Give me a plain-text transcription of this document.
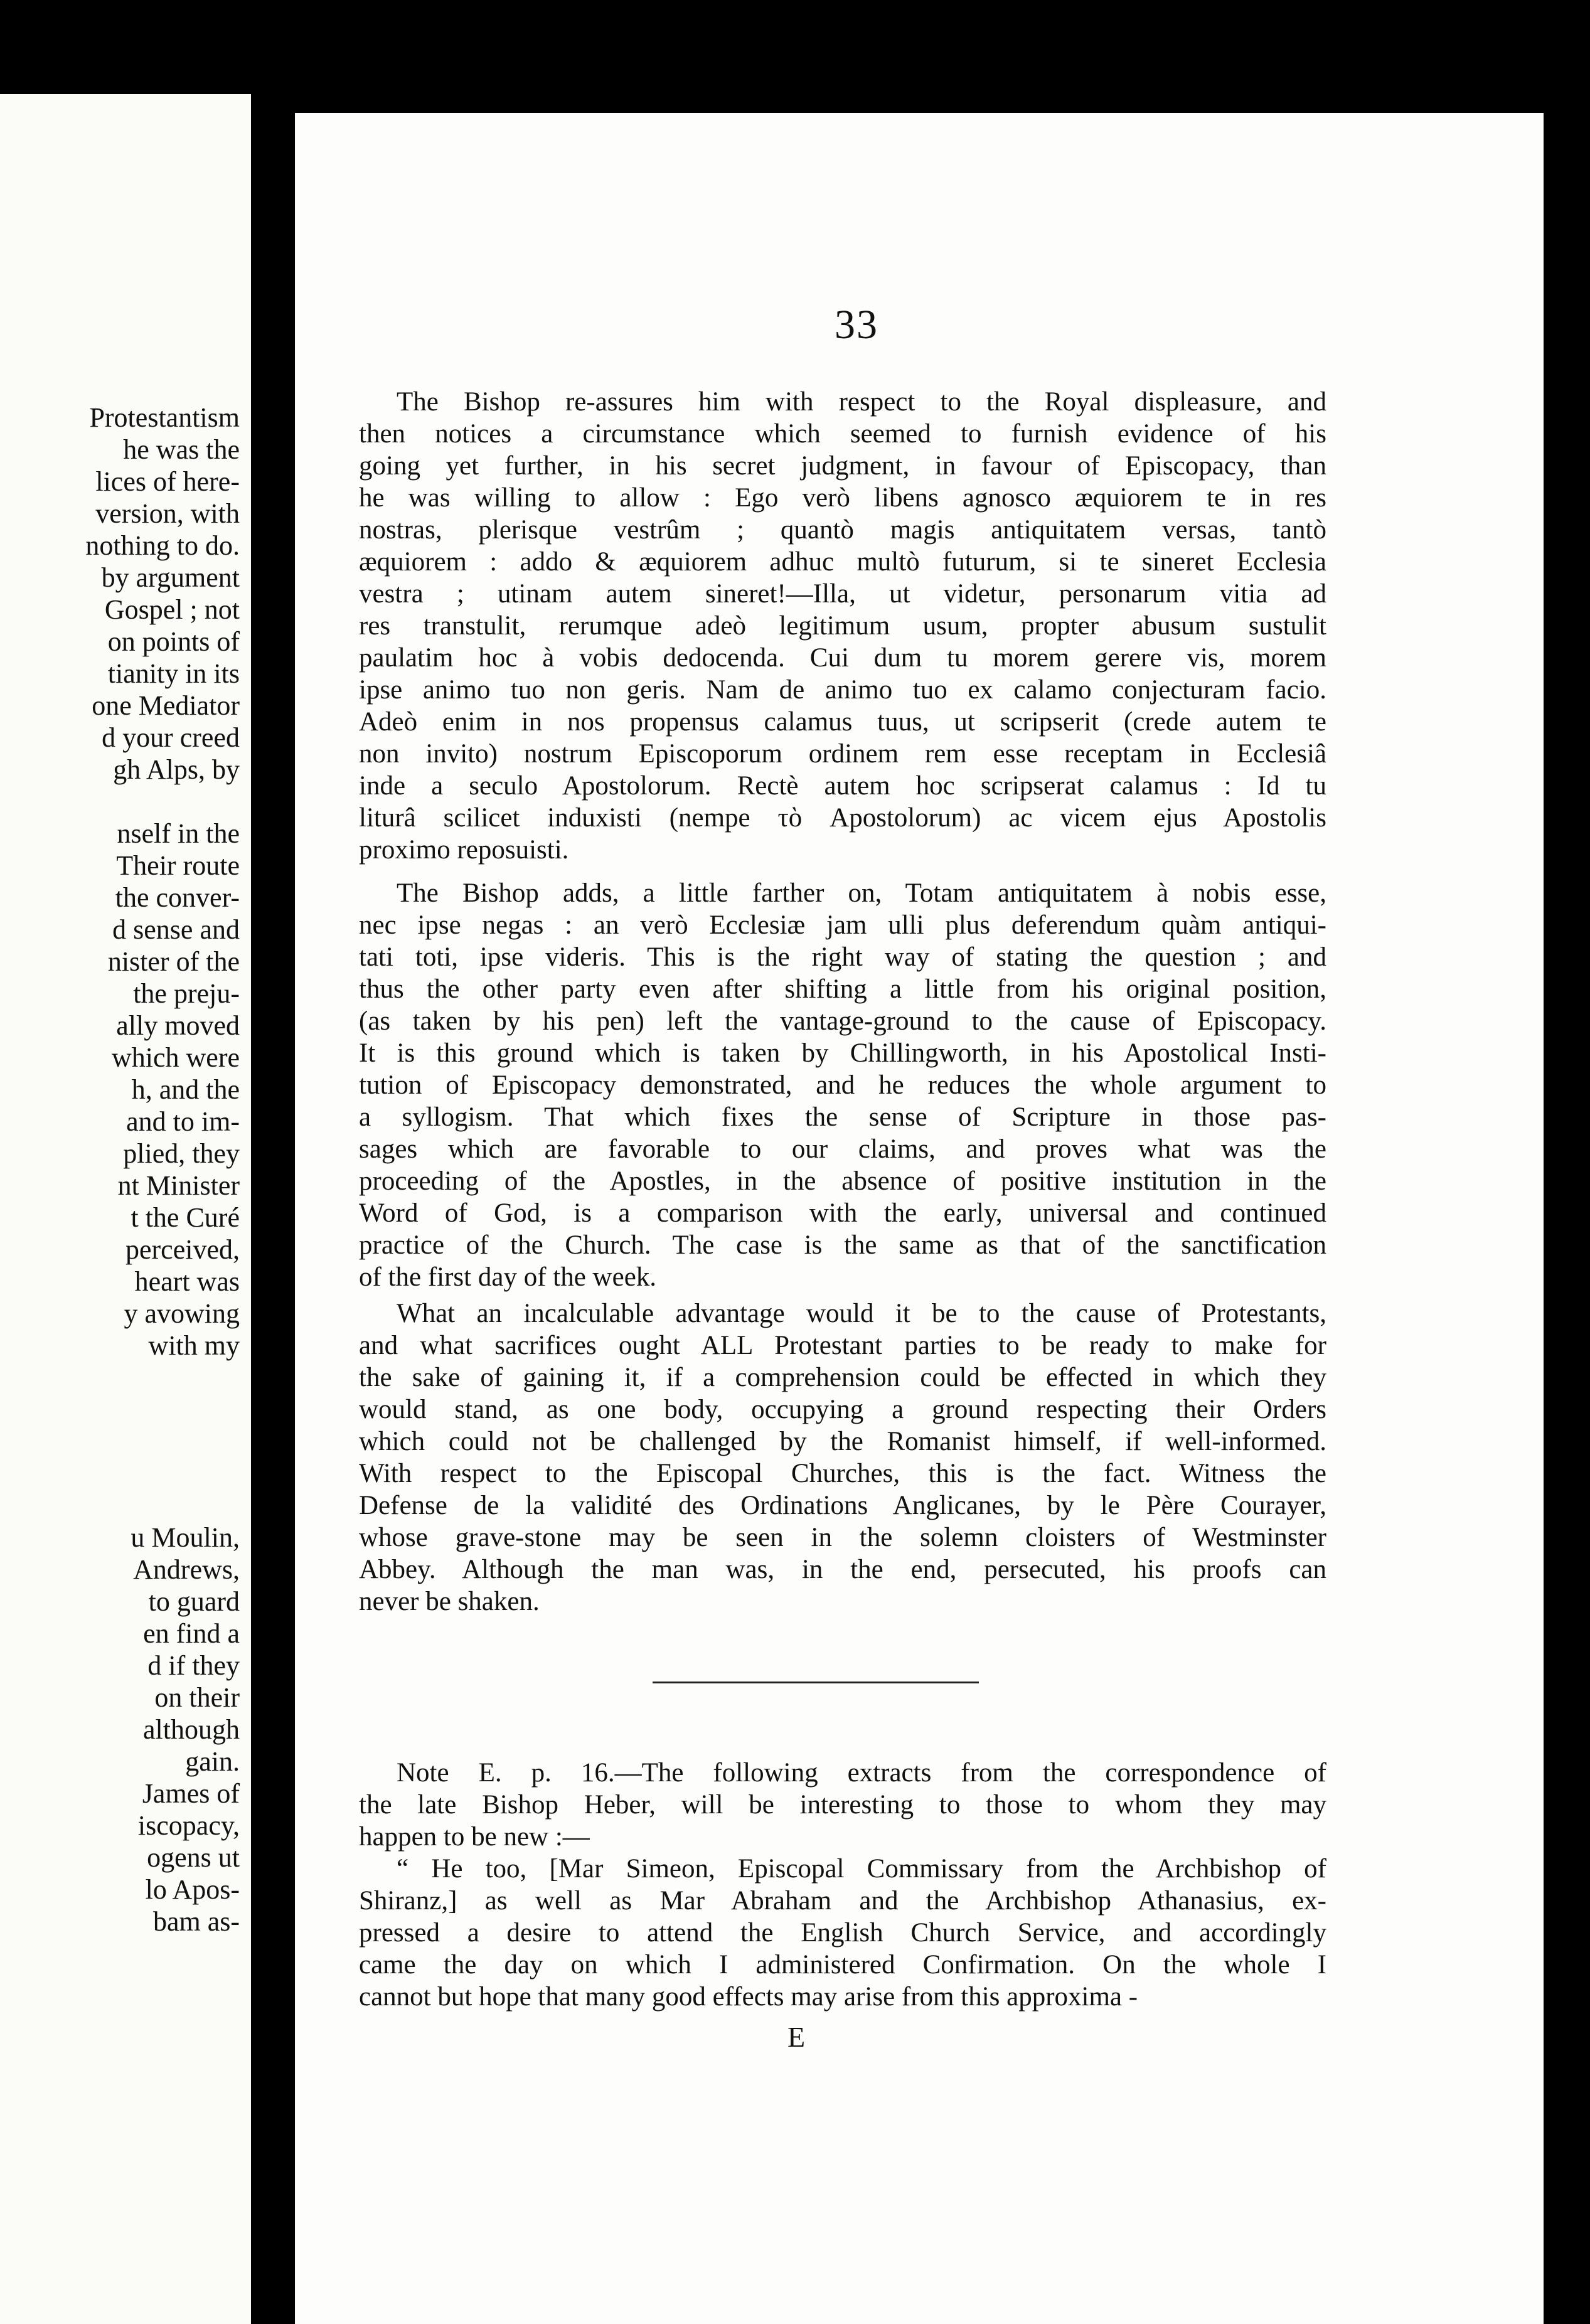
Protestantism
he was the
lices of here-
version, with
nothing to do.
by argument
Gospel ; not
on points of
tianity in its
one Mediator
d your creed
gh Alps, by
nself in the
Their route
the conver-
d sense and
nister of the
the preju-
ally moved
which were
h, and the
and to im-
plied, they
nt Minister
t the Curé
perceived,
heart was
y avowing
with my
u Moulin,
Andrews,
to guard
en find a
d if they
on their
although
gain.
James of
iscopacy,
ogens ut
lo Apos-
bam as-
33
The Bishop re-assures him with respect to the Royal displeasure, and
then notices a circumstance which seemed to furnish evidence of his
going yet further, in his secret judgment, in favour of Episcopacy, than
he was willing to allow : Ego verò libens agnosco æquiorem te in res
nostras, plerisque vestrûm ; quantò magis antiquitatem versas, tantò
æquiorem : addo & æquiorem adhuc multò futurum, si te sineret Ecclesia
vestra ; utinam autem sineret!—Illa, ut videtur, personarum vitia ad
res transtulit, rerumque adeò legitimum usum, propter abusum sustulit
paulatim hoc à vobis dedocenda. Cui dum tu morem gerere vis, morem
ipse animo tuo non geris. Nam de animo tuo ex calamo conjecturam facio.
Adeò enim in nos propensus calamus tuus, ut scripserit (crede autem te
non invito) nostrum Episcoporum ordinem rem esse receptam in Ecclesiâ
inde a seculo Apostolorum. Rectè autem hoc scripserat calamus : Id tu
liturâ scilicet induxisti (nempe τὸ Apostolorum) ac vicem ejus Apostolis
proximo reposuisti.
The Bishop adds, a little farther on, Totam antiquitatem à nobis esse,
nec ipse negas : an verò Ecclesiæ jam ulli plus deferendum quàm antiqui-
tati toti, ipse videris. This is the right way of stating the question ; and
thus the other party even after shifting a little from his original position,
(as taken by his pen) left the vantage-ground to the cause of Episcopacy.
It is this ground which is taken by Chillingworth, in his Apostolical Insti-
tution of Episcopacy demonstrated, and he reduces the whole argument to
a syllogism. That which fixes the sense of Scripture in those pas-
sages which are favorable to our claims, and proves what was the
proceeding of the Apostles, in the absence of positive institution in the
Word of God, is a comparison with the early, universal and continued
practice of the Church. The case is the same as that of the sanctification
of the first day of the week.
What an incalculable advantage would it be to the cause of Protestants,
and what sacrifices ought ALL Protestant parties to be ready to make for
the sake of gaining it, if a comprehension could be effected in which they
would stand, as one body, occupying a ground respecting their Orders
which could not be challenged by the Romanist himself, if well-informed.
With respect to the Episcopal Churches, this is the fact. Witness the
Defense de la validité des Ordinations Anglicanes, by le Père Courayer,
whose grave-stone may be seen in the solemn cloisters of Westminster
Abbey. Although the man was, in the end, persecuted, his proofs can
never be shaken.
Note E. p. 16.—The following extracts from the correspondence of
the late Bishop Heber, will be interesting to those to whom they may
happen to be new :—
“ He too, [Mar Simeon, Episcopal Commissary from the Archbishop of
Shiranz,] as well as Mar Abraham and the Archbishop Athanasius, ex-
pressed a desire to attend the English Church Service, and accordingly
came the day on which I administered Confirmation. On the whole I
cannot but hope that many good effects may arise from this approxima -
E
